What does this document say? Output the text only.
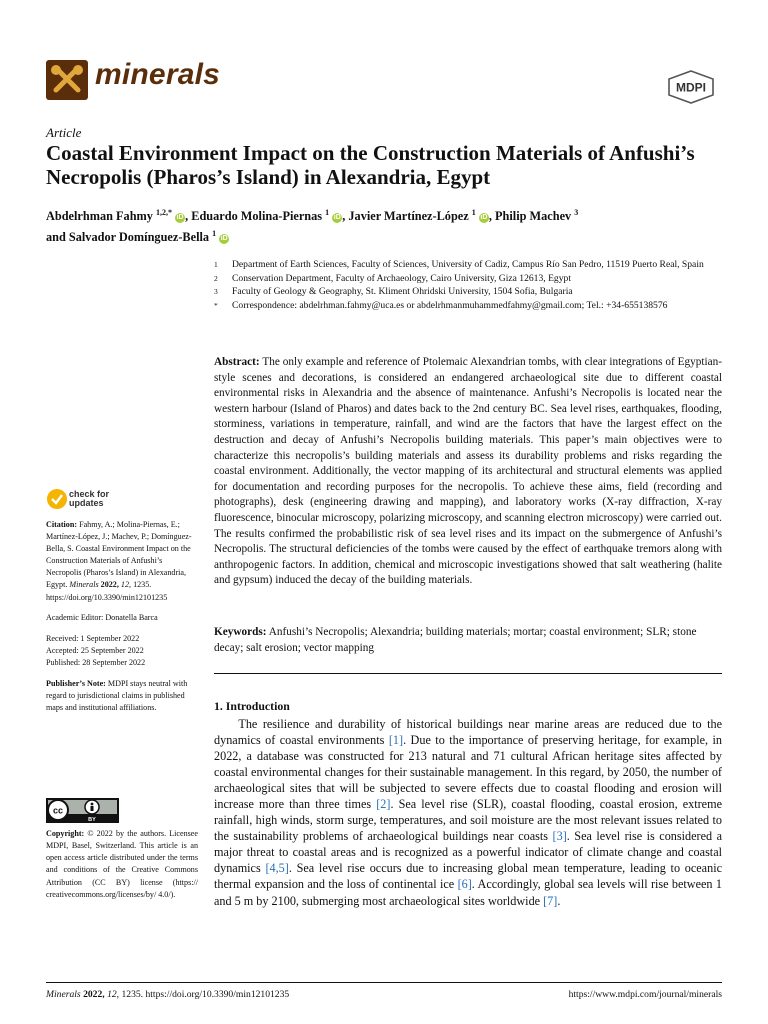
minerals	MDPI
Article
Coastal Environment Impact on the Construction Materials of Anfushi’s Necropolis (Pharos’s Island) in Alexandria, Egypt
Abdelrhman Fahmy $^{1,2,*}$ iD , Eduardo Molina-Piernas $^1$ iD , Javier Martínez-López $^1$ iD , Philip Machev $^3$
and Salvador Domínguez-Bella $^1$ iD
1	Department of Earth Sciences, Faculty of Sciences, University of Cadiz, Campus Río San Pedro, 11519 Puerto Real, Spain
2	Conservation Department, Faculty of Archaeology, Cairo University, Giza 12613, Egypt
3	Faculty of Geology & Geography, St. Kliment Ohridski University, 1504 Sofia, Bulgaria
*	Correspondence: abdelrhman.fahmy@uca.es or abdelrhmanmuhammedfahmy@gmail.com; Tel.: +34-655138576
Abstract: The only example and reference of Ptolemaic Alexandrian tombs, with clear integrations of Egyptian-style scenes and decorations, is considered an endangered archaeological site due to different coastal environmental risks in Alexandria and the absence of maintenance. Anfushi’s Necropolis is located near the western harbour (Island of Pharos) and dates back to the 2nd century BC. Sea level rises, earthquakes, flooding, storminess, variations in temperature, rainfall, and wind are the factors that have the largest effect on the destruction and decay of Anfushi’s Necropolis building materials. This paper’s main objectives were to characterize this necropolis’s building materials and assess its durability problems and risks regarding the coastal environment. Additionally, the vector mapping of its architectural and structural elements was applied for documentation and recording purposes for the necropolis. To achieve these aims, field (recording and photographs), desk (engineering drawing and mapping), and laboratory works (X-ray diffraction, X-ray fluorescence, binocular microscopy, polarizing microscopy, and scanning electron microscopy) were carried out. The results confirmed the probabilistic risk of sea level rises and its impact on the submergence of Anfushi’s Necropolis. The structural deficiencies of the tombs were caused by the effect of earthquake tremors along with anthropogenic factors. In addition, chemical and microscopic investigations showed that salt weathering (halite and gypsum) induced the decay of the building materials.
Keywords: Anfushi’s Necropolis; Alexandria; building materials; mortar; coastal environment; SLR; stone decay; salt erosion; vector mapping
1. Introduction
  The resilience and durability of historical buildings near marine areas are reduced due to the dynamics of coastal environments [1]. Due to the importance of preserving heritage, for example, in 2022, a database was constructed for 213 natural and 71 cultural African heritage sites affected by coastal environmental changes for their sustainable management. In this regard, by 2050, the number of archaeological sites that will be subjected to severe effects due to coastal flooding and erosion will increase more than three times [2]. Sea level rise (SLR), coastal flooding, coastal erosion, extreme rainfall, high winds, storm surge, temperatures, and soil moisture are the most relevant issues related to the sustainability problems of archaeological buildings near coasts [3]. Sea level rise is considered a major threat to coastal areas and is recognized as a powerful indicator of climate change and coastal dynamics [4,5]. Sea level rise occurs due to increasing global mean temperature, leading to oceanic thermal expansion and the loss of continental ice [6]. Accordingly, global sea levels will rise between 1 and 5 m by 2100, submerging most archaeological sites worldwide [7].
check for
updates
Citation: Fahmy, A.; Molina-Piernas, E.; Martínez-López, J.; Machev, P.; Domínguez-Bella, S. Coastal Environment Impact on the Construction Materials of Anfushi’s Necropolis (Pharos’s Island) in Alexandria, Egypt. Minerals 2022, 12, 1235. https://doi.org/10.3390/min12101235
Academic Editor: Donatella Barca
Received: 1 September 2022
Accepted: 25 September 2022
Published: 28 September 2022
Publisher’s Note: MDPI stays neutral with regard to jurisdictional claims in published maps and institutional affiliations.
cc
BY
Copyright: © 2022 by the authors. Licensee MDPI, Basel, Switzerland. This article is an open access article distributed under the terms and conditions of the Creative Commons Attribution (CC BY) license (https:// creativecommons.org/licenses/by/ 4.0/).
Minerals 2022, 12, 1235. https://doi.org/10.3390/min12101235	https://www.mdpi.com/journal/minerals
